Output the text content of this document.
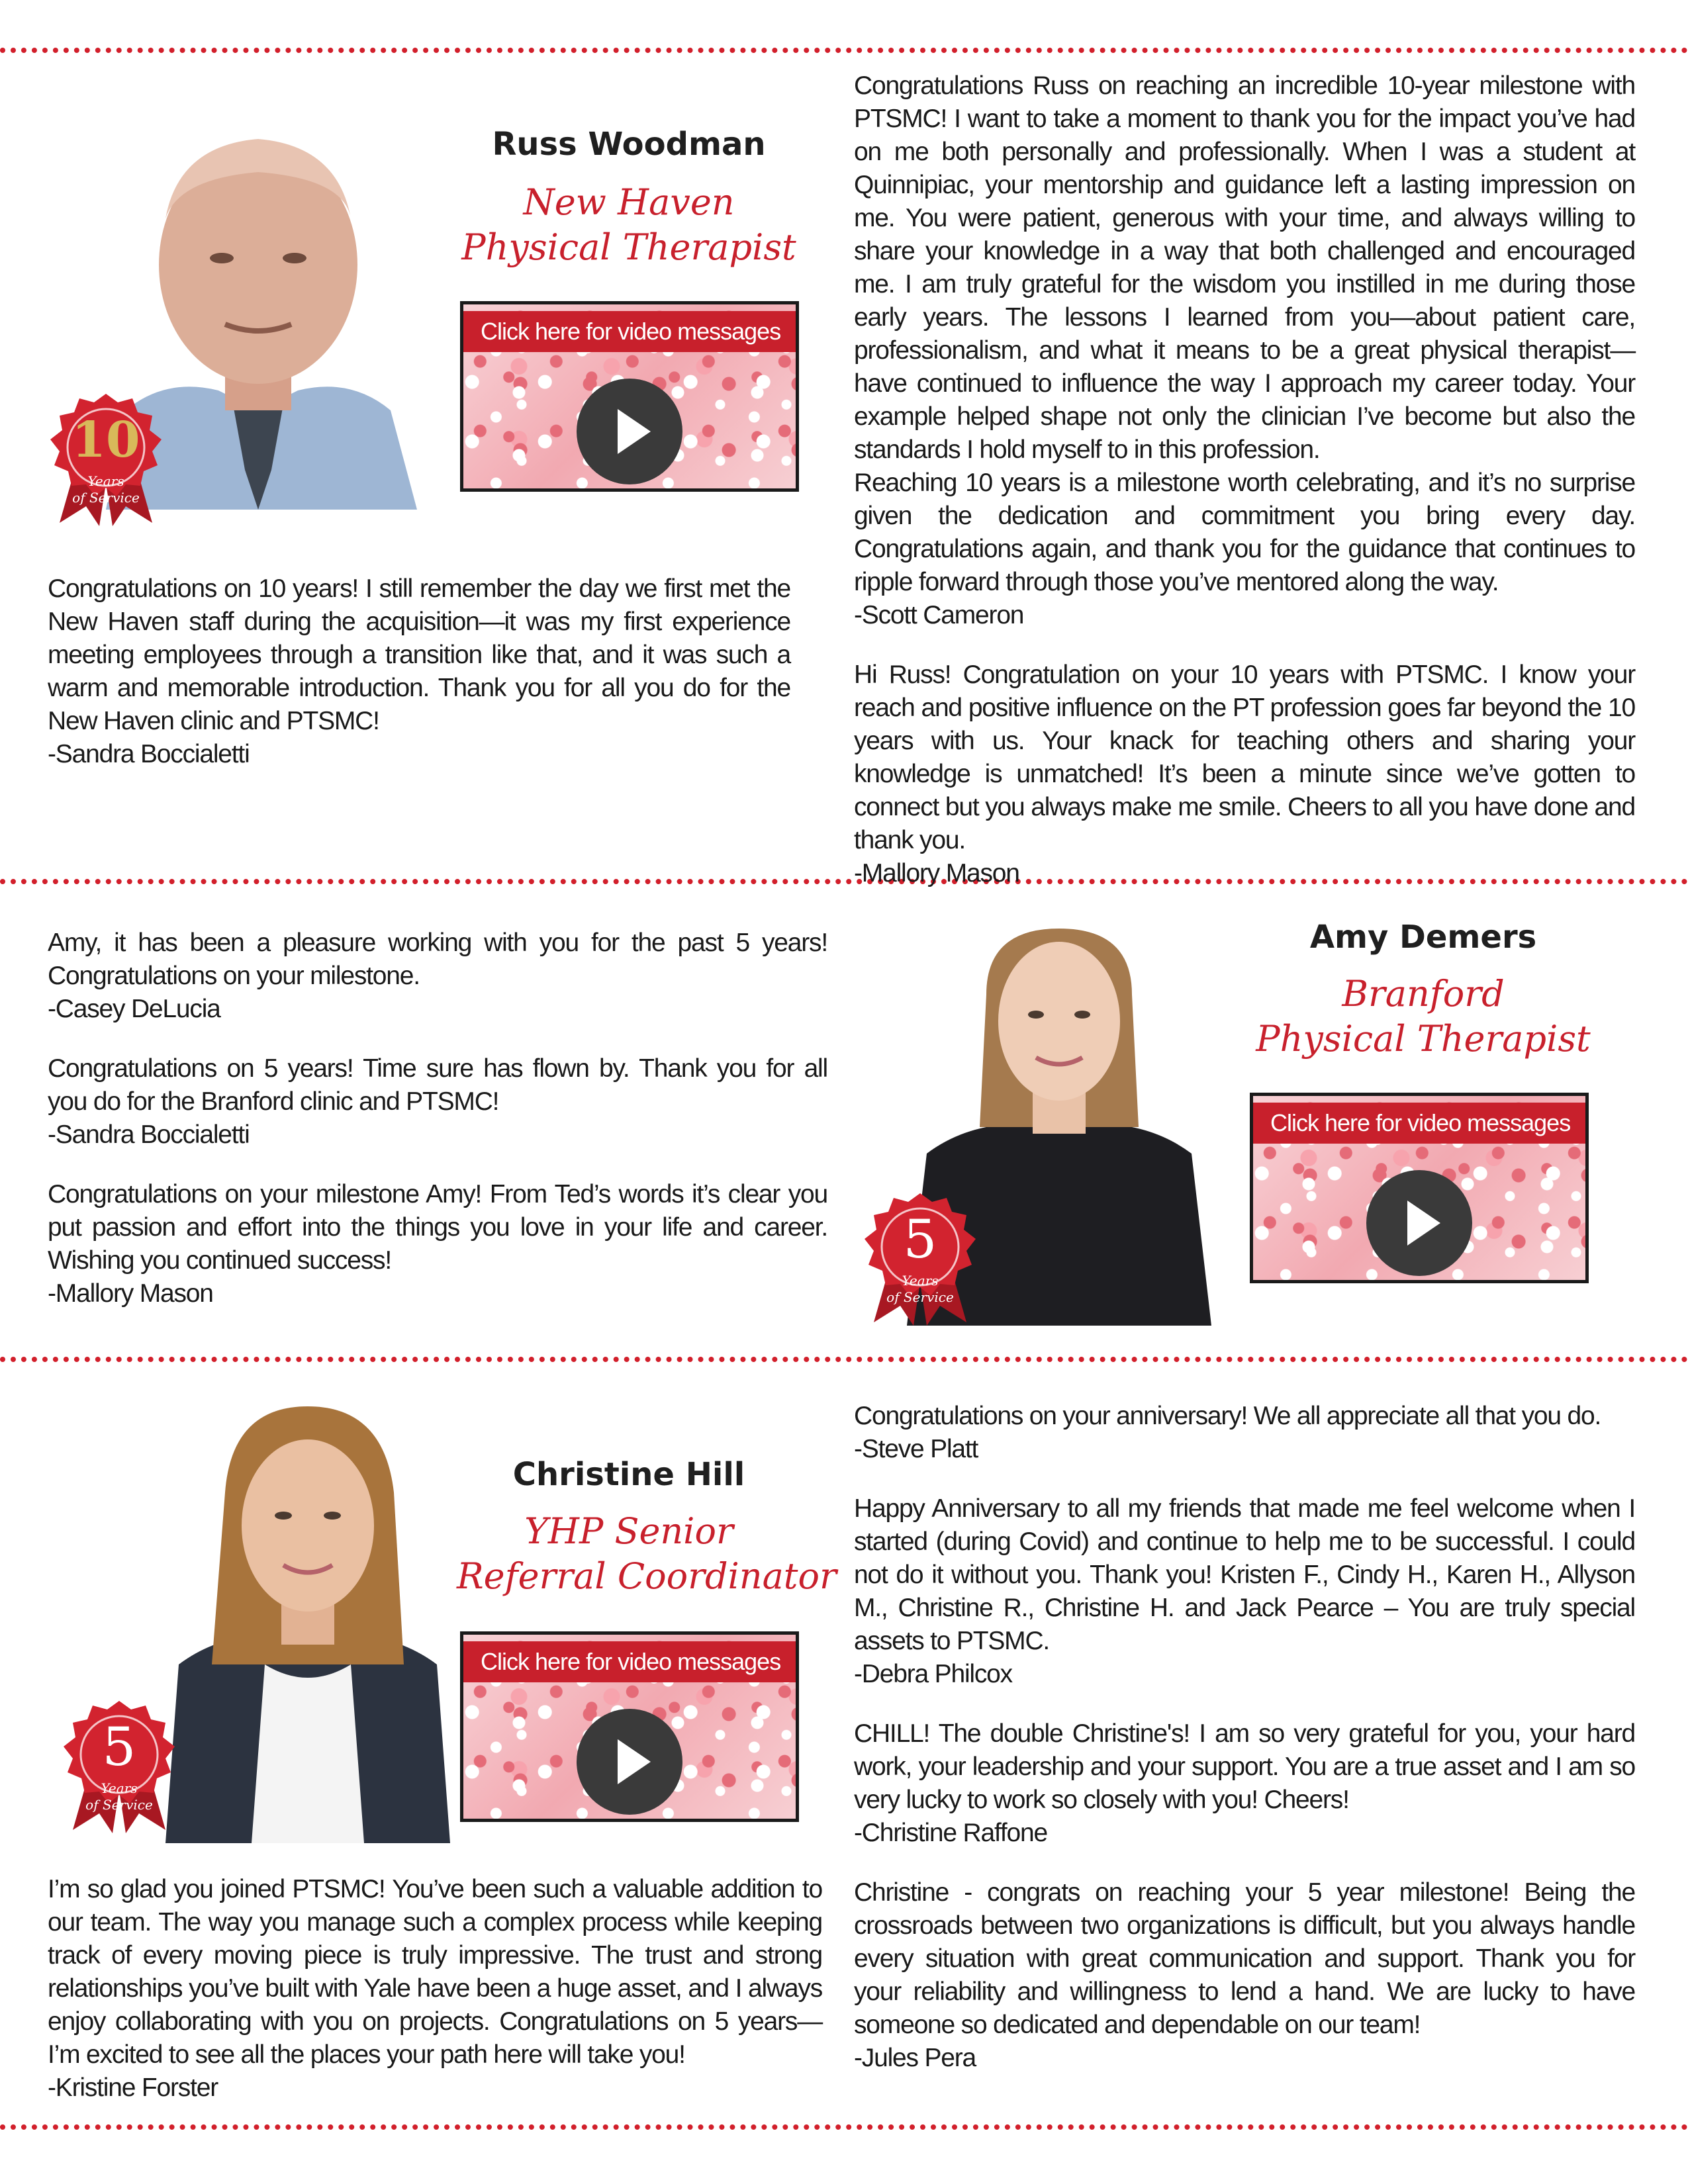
10
Years
of Service
Russ Woodman
New Haven
Physical Therapist
Click here for video messages

Congratulations on 10 years! I still remember the day we first met the New Haven staff during the acquisition—it was my first experience meeting employees through a transition like that, and it was such a warm and memorable introduction. Thank you for all you do for the New Haven clinic and PTSMC!

-Sandra Boccialetti

Congratulations Russ on reaching an incredible 10-year milestone with PTSMC! I want to take a moment to thank you for the impact you’ve had on me both personally and professionally. When I was a student at Quinnipiac, your mentorship and guidance left a lasting impression on me. You were patient, generous with your time, and always willing to share your knowledge in a way that both challenged and encouraged me. I am truly grateful for the wisdom you instilled in me during those early years. The lessons I learned from you—about patient care, professionalism, and what it means to be a great physical therapist—have continued to influence the way I approach my career today. Your example helped shape not only the clinician I’ve become but also the standards I hold myself to in this profession.

Reaching 10 years is a milestone worth celebrating, and it’s no surprise given the dedication and commitment you bring every day. Congratulations again, and thank you for the guidance that continues to ripple forward through those you’ve mentored along the way.

-Scott Cameron

Hi Russ! Congratulation on your 10 years with PTSMC. I know your reach and positive influence on the PT profession goes far beyond the 10 years with us. Your knack for teaching others and sharing your knowledge is unmatched! It’s been a minute since we’ve gotten to connect but you always make me smile. Cheers to all you have done and thank you.

-Mallory Mason

Amy, it has been a pleasure working with you for the past 5 years! Congratulations on your milestone.

-Casey DeLucia

Congratulations on 5 years! Time sure has flown by. Thank you for all you do for the Branford clinic and PTSMC!

-Sandra Boccialetti

Congratulations on your milestone Amy! From Ted’s words it’s clear you put passion and effort into the things you love in your life and career. Wishing you continued success!

-Mallory Mason

5
Years
of Service
Amy Demers
Branford
Physical Therapist
Click here for video messages
5
Years
of Service
Christine Hill
YHP Senior
Referral Coordinator
Click here for video messages

I’m so glad you joined PTSMC! You’ve been such a valuable addition to our team. The way you manage such a complex process while keeping track of every moving piece is truly impressive. The trust and strong relationships you’ve built with Yale have been a huge asset, and I always enjoy collaborating with you on projects. Congratulations on 5 years—I’m excited to see all the places your path here will take you!

-Kristine Forster

Congratulations on your anniversary! We all appreciate all that you do.

-Steve Platt

Happy Anniversary to all my friends that made me feel welcome when I started (during Covid) and continue to help me to be successful. I could not do it without you. Thank you! Kristen F., Cindy H., Karen H., Allyson M., Christine R., Christine H. and Jack Pearce – You are truly special assets to PTSMC.

-Debra Philcox

CHILL! The double Christine's! I am so very grateful for you, your hard work, your leadership and your support. You are a true asset and I am so very lucky to work so closely with you! Cheers!

-Christine Raffone

Christine - congrats on reaching your 5 year milestone! Being the crossroads between two organizations is difficult, but you always handle every situation with great communication and support. Thank you for your reliability and willingness to lend a hand. We are lucky to have someone so dedicated and dependable on our team!

-Jules Pera
